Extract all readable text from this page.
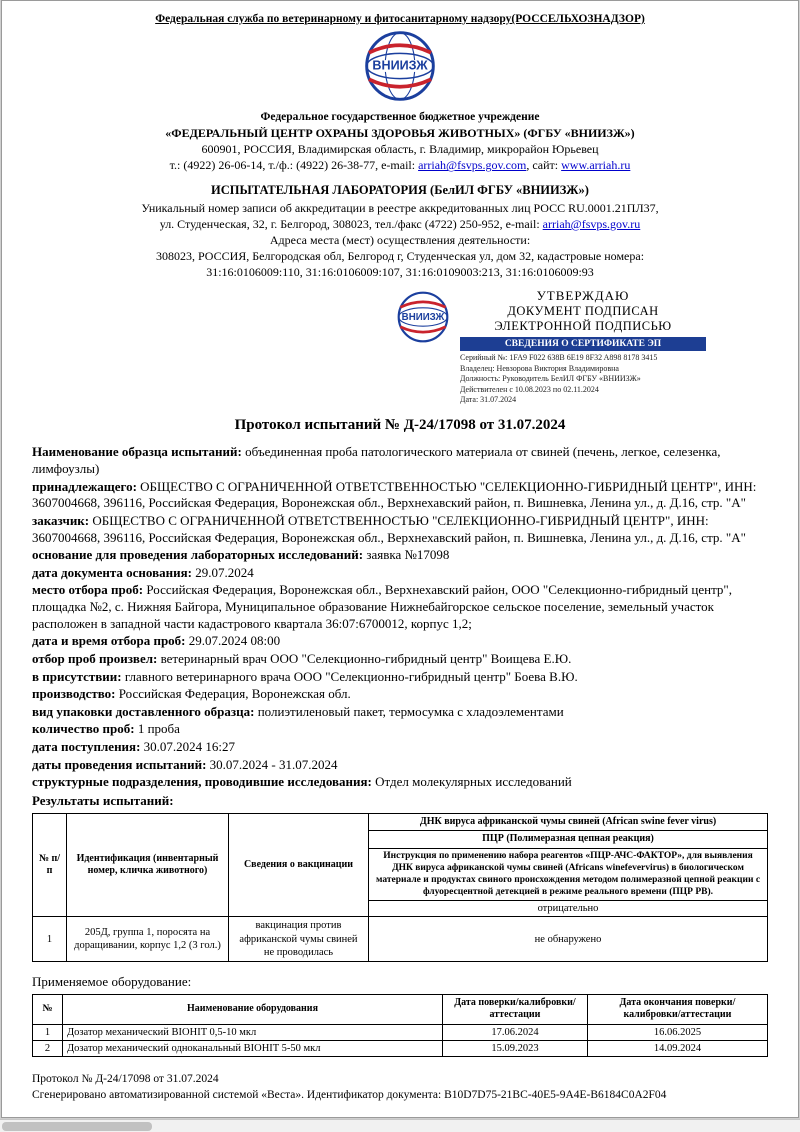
Федеральная служба по ветеринарному и фитосанитарному надзору(РОССЕЛЬХОЗНАДЗОР)
ВНИИЗЖ
Федеральное государственное бюджетное учреждение
«ФЕДЕРАЛЬНЫЙ ЦЕНТР ОХРАНЫ ЗДОРОВЬЯ ЖИВОТНЫХ» (ФГБУ «ВНИИЗЖ»)
600901, РОССИЯ, Владимирская область, г. Владимир, микрорайон Юрьевец
т.: (4922) 26-06-14, т./ф.: (4922) 26-38-77, e-mail: arriah@fsvps.gov.com, сайт: www.arriah.ru
ИСПЫТАТЕЛЬНАЯ ЛАБОРАТОРИЯ (БелИЛ ФГБУ «ВНИИЗЖ»)
Уникальный номер записи об аккредитации в реестре аккредитованных лиц РОСС RU.0001.21ПЛ37,
ул. Студенческая, 32, г. Белгород, 308023, тел./факс (4722) 250-952, e-mail: arriah@fsvps.gov.ru
Адреса места (мест) осуществления деятельности:
308023, РОССИЯ, Белгородская обл, Белгород г, Студенческая ул, дом 32, кадастровые номера:
31:16:0106009:110, 31:16:0106009:107, 31:16:0109003:213, 31:16:0106009:93
ВНИИЗЖ
УТВЕРЖДАЮ
ДОКУМЕНТ ПОДПИСАН
ЭЛЕКТРОННОЙ ПОДПИСЬЮ
СВЕДЕНИЯ О СЕРТИФИКАТЕ ЭП
Серийный №: 1FA9 F022 638B 6E19 8F32 A898 8178 3415
Владелец: Невзорова Виктория Владимировна
Должность: Руководитель БелИЛ ФГБУ «ВНИИЗЖ»
Действителен с 10.08.2023 по 02.11.2024
Дата: 31.07.2024
Протокол испытаний № Д-24/17098 от 31.07.2024
Наименование образца испытаний: объединенная проба патологического материала от свиней (печень, легкое, селезенка, лимфоузлы)
принадлежащего: ОБЩЕСТВО С ОГРАНИЧЕННОЙ ОТВЕТСТВЕННОСТЬЮ "СЕЛЕКЦИОННО-ГИБРИДНЫЙ ЦЕНТР", ИНН: 3607004668, 396116, Российская Федерация, Воронежская обл., Верхнехавский район, п. Вишневка, Ленина ул., д. Д.16, стр. "А"
заказчик: ОБЩЕСТВО С ОГРАНИЧЕННОЙ ОТВЕТСТВЕННОСТЬЮ "СЕЛЕКЦИОННО-ГИБРИДНЫЙ ЦЕНТР", ИНН: 3607004668, 396116, Российская Федерация, Воронежская обл., Верхнехавский район, п. Вишневка, Ленина ул., д. Д.16, стр. "А"
основание для проведения лабораторных исследований: заявка №17098
дата документа основания: 29.07.2024
место отбора проб: Российская Федерация, Воронежская обл., Верхнехавский район, ООО "Селекционно-гибридный центр", площадка №2, с. Нижняя Байгора, Муниципальное образование Нижнебайгорское сельское поселение, земельный участок расположен в западной части кадастрового квартала 36:07:6700012, корпус 1,2;
дата и время отбора проб: 29.07.2024 08:00
отбор проб произвел: ветеринарный врач ООО "Селекционно-гибридный центр" Воищева Е.Ю.
в присутствии: главного ветеринарного врача ООО "Селекционно-гибридный центр" Боева В.Ю.
производство: Российская Федерация, Воронежская обл.
вид упаковки доставленного образца: полиэтиленовый пакет, термосумка с хладоэлементами
количество проб: 1 проба
дата поступления: 30.07.2024 16:27
даты проведения испытаний: 30.07.2024 - 31.07.2024
структурные подразделения, проводившие исследования: Отдел молекулярных исследований
Результаты испытаний:
№ п/п	Идентификация (инвентарный номер, кличка животного)	Сведения о вакцинации	ДНК вируса африканской чумы свиней (African swine fever virus)
			ПЦР (Полимеразная цепная реакция)
			Инструкция по применению набора реагентов «ПЦР-АЧС-ФАКТОР», для выявления ДНК вируса африканской чумы свиней (Africans winefevervirus) в биологическом материале и продуктах свиного происхождения методом полимеразной цепной реакции с флуоресцентной детекцией в режиме реального времени (ПЦР РВ).
			отрицательно
1	205Д, группа 1, поросята на доращивании, корпус 1,2 (3 гол.)	вакцинация против африканской чумы свиней не проводилась	не обнаружено
Применяемое оборудование:
№	Наименование оборудования	Дата поверки/калибровки/аттестации	Дата окончания поверки/калибровки/аттестации
1	Дозатор механический BIOHIT 0,5-10 мкл	17.06.2024	16.06.2025
2	Дозатор механический одноканальный BIOHIT 5-50 мкл	15.09.2023	14.09.2024
Протокол № Д-24/17098 от 31.07.2024
Сгенерировано автоматизированной системой «Веста». Идентификатор документа: B10D7D75-21BC-40E5-9A4E-B6184C0A2F04
